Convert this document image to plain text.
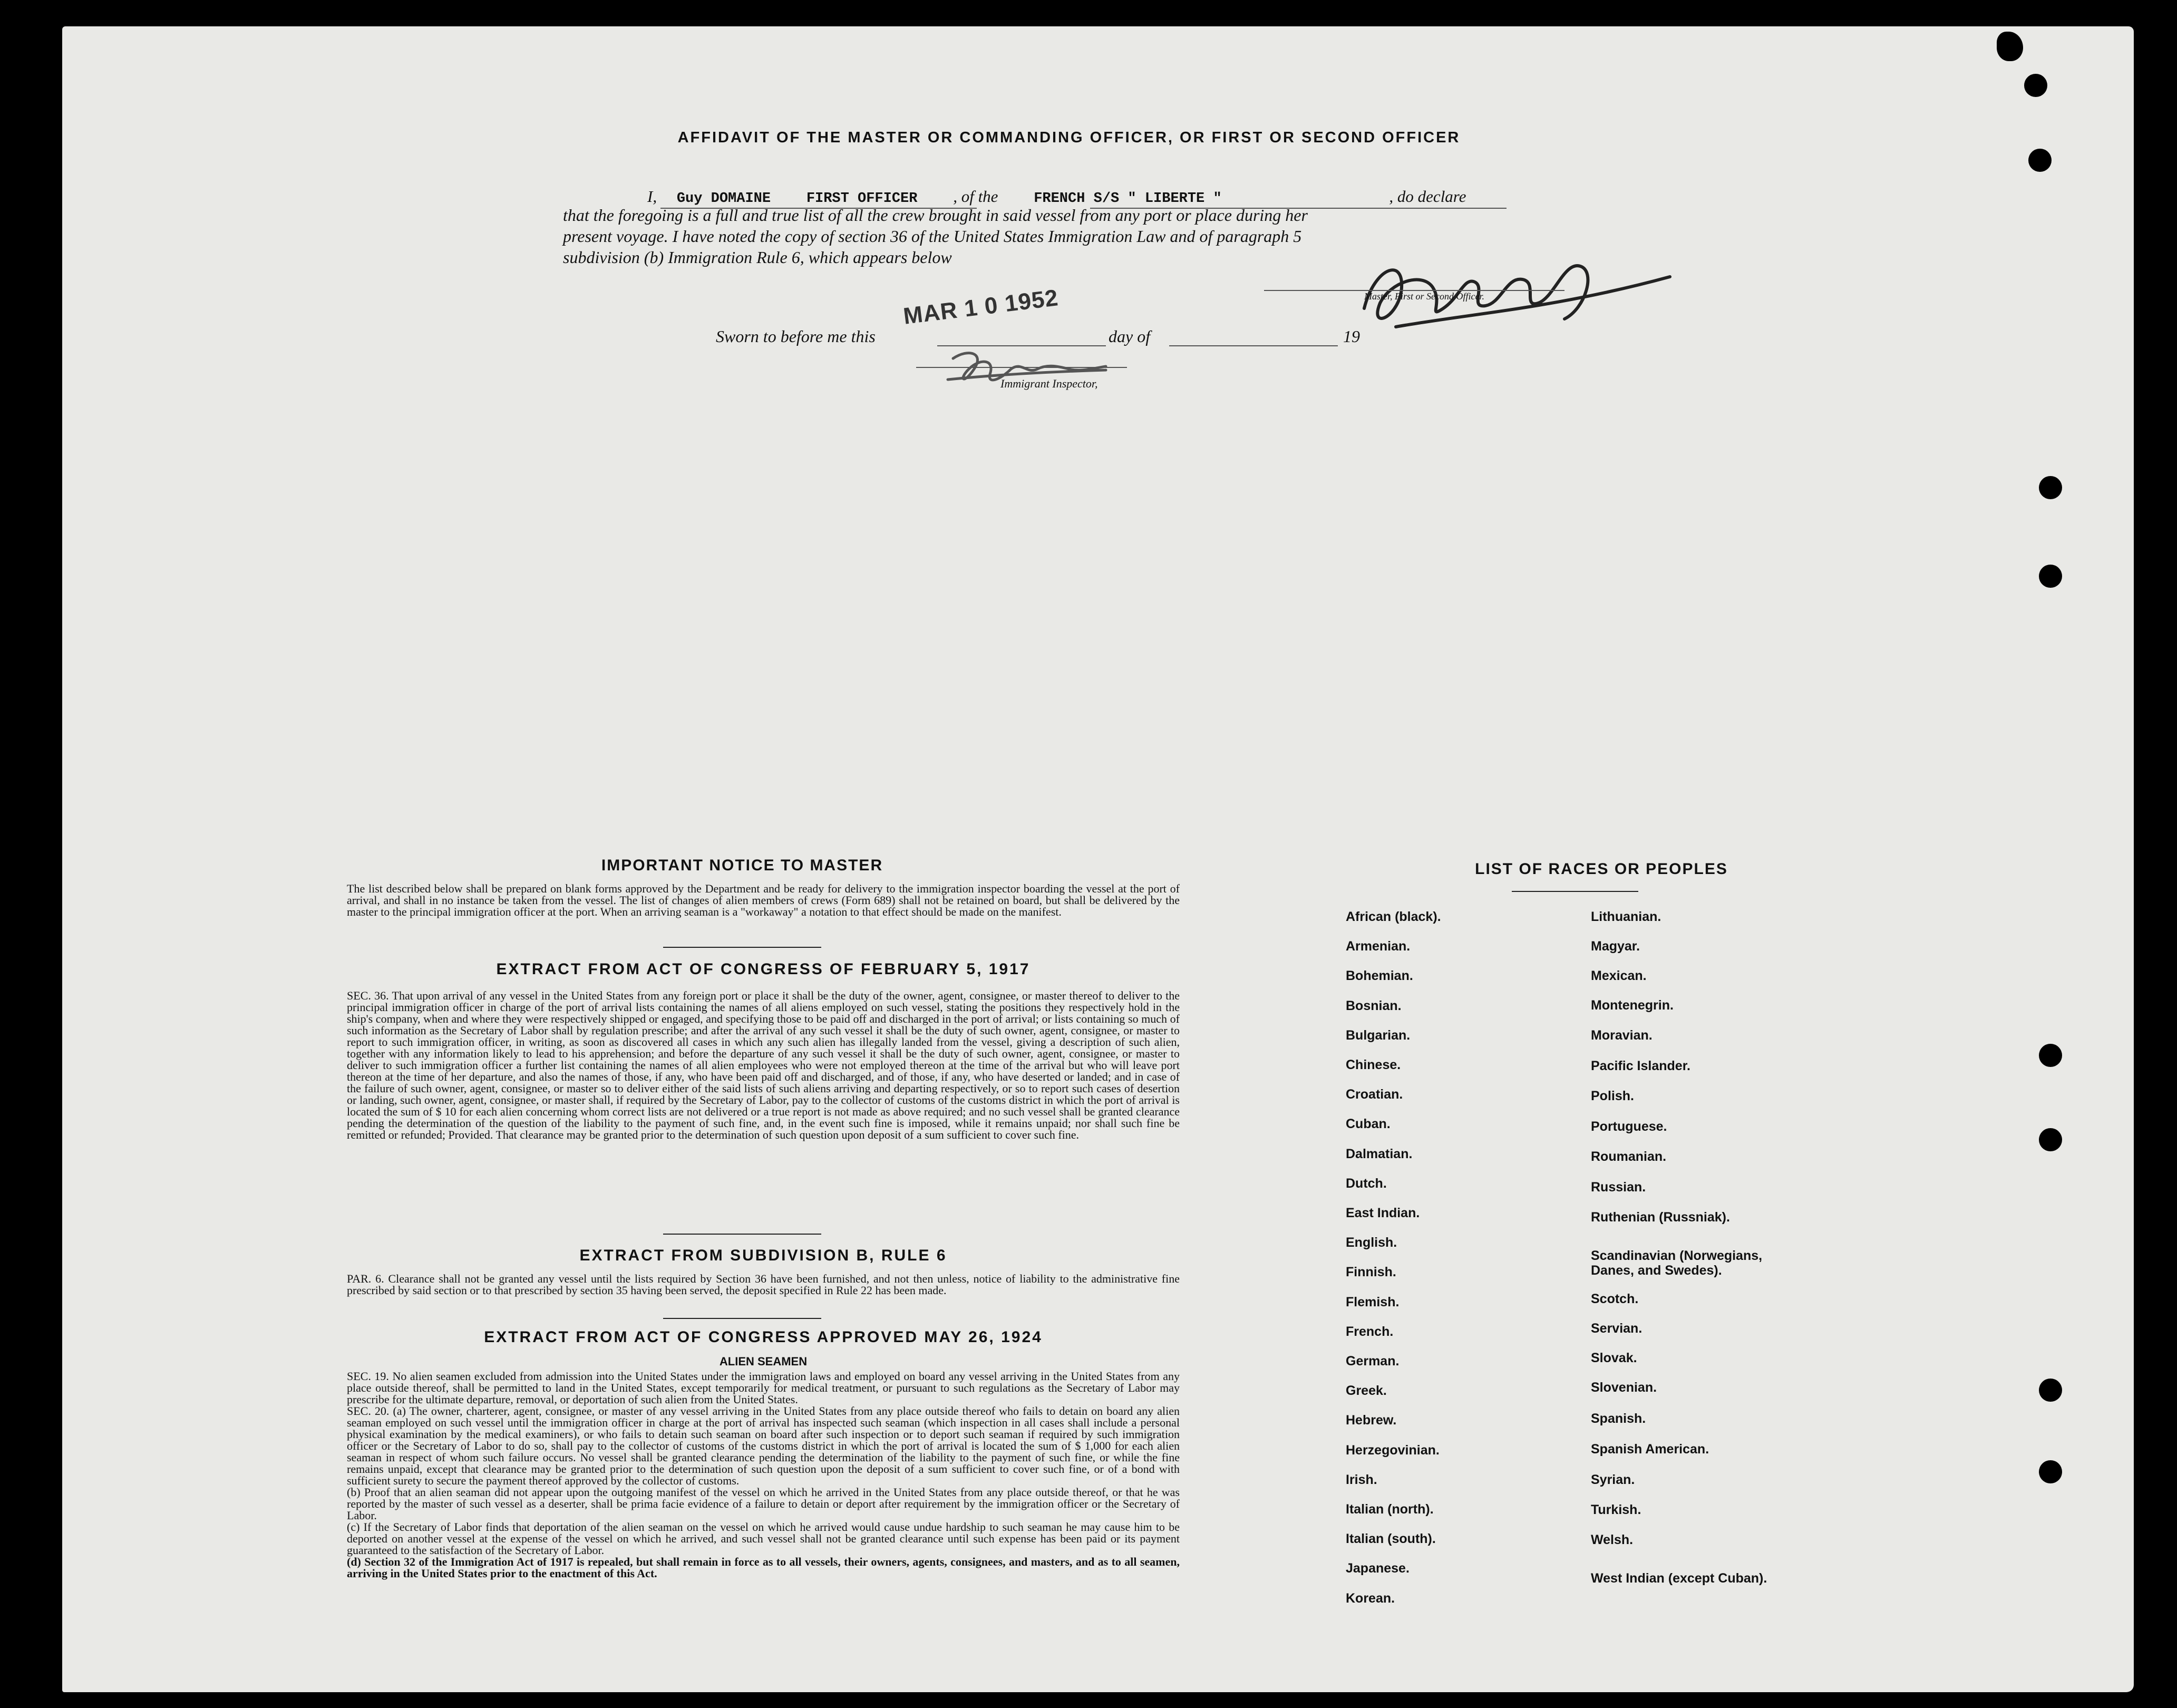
AFFIDAVIT OF THE MASTER OR COMMANDING OFFICER, OR FIRST OR SECOND OFFICER
I, Guy DOMAINE	FIRST OFFICER , of the	FRENCH S/S " LIBERTE "	, do declare
that the foregoing is a full and true list of all the crew brought in said vessel from any port or place during her
present voyage. I have noted the copy of section 36 of the United States Immigration Law and of paragraph 5
subdivision (b) Immigration Rule 6, which appears below
Master, First or Second Officer.
Sworn to before me this
MAR 1 0 1952
day of	19
Immigrant Inspector,
IMPORTANT NOTICE TO MASTER
The list described below shall be prepared on blank forms approved by the Department and be ready for delivery to the immigration inspector boarding the vessel at the port of arrival, and shall in no instance be taken from the vessel. The list of changes of alien members of crews (Form 689) shall not be retained on board, but shall be delivered by the master to the principal immigration officer at the port. When an arriving seaman is a "workaway" a notation to that effect should be made on the manifest.
EXTRACT FROM ACT OF CONGRESS OF FEBRUARY 5, 1917
SEC. 36. That upon arrival of any vessel in the United States from any foreign port or place it shall be the duty of the owner, agent, consignee, or master thereof to deliver to the principal immigration officer in charge of the port of arrival lists containing the names of all aliens employed on such vessel, stating the positions they respectively hold in the ship's company, when and where they were respectively shipped or engaged, and specifying those to be paid off and discharged in the port of arrival; or lists containing so much of such information as the Secretary of Labor shall by regulation prescribe; and after the arrival of any such vessel it shall be the duty of such owner, agent, consignee, or master to report to such immigration officer, in writing, as soon as discovered all cases in which any such alien has illegally landed from the vessel, giving a description of such alien, together with any information likely to lead to his apprehension; and before the departure of any such vessel it shall be the duty of such owner, agent, consignee, or master to deliver to such immigration officer a further list containing the names of all alien employees who were not employed thereon at the time of the arrival but who will leave port thereon at the time of her departure, and also the names of those, if any, who have been paid off and discharged, and of those, if any, who have deserted or landed; and in case of the failure of such owner, agent, consignee, or master so to deliver either of the said lists of such aliens arriving and departing respectively, or so to report such cases of desertion or landing, such owner, agent, consignee, or master shall, if required by the Secretary of Labor, pay to the collector of customs of the customs district in which the port of arrival is located the sum of $ 10 for each alien concerning whom correct lists are not delivered or a true report is not made as above required; and no such vessel shall be granted clearance pending the determination of the question of the liability to the payment of such fine, and, in the event such fine is imposed, while it remains unpaid; nor shall such fine be remitted or refunded; Provided. That clearance may be granted prior to the determination of such question upon deposit of a sum sufficient to cover such fine.
EXTRACT FROM SUBDIVISION B, RULE 6
PAR. 6. Clearance shall not be granted any vessel until the lists required by Section 36 have been furnished, and not then unless, notice of liability to the administrative fine prescribed by said section or to that prescribed by section 35 having been served, the deposit specified in Rule 22 has been made.
EXTRACT FROM ACT OF CONGRESS APPROVED MAY 26, 1924
ALIEN SEAMEN
SEC. 19. No alien seamen excluded from admission into the United States under the immigration laws and employed on board any vessel arriving in the United States from any place outside thereof, shall be permitted to land in the United States, except temporarily for medical treatment, or pursuant to such regulations as the Secretary of Labor may prescribe for the ultimate departure, removal, or deportation of such alien from the United States.
SEC. 20. (a) The owner, charterer, agent, consignee, or master of any vessel arriving in the United States from any place outside thereof who fails to detain on board any alien seaman employed on such vessel until the immigration officer in charge at the port of arrival has inspected such seaman (which inspection in all cases shall include a personal physical examination by the medical examiners), or who fails to detain such seaman on board after such inspection or to deport such seaman if required by such immigration officer or the Secretary of Labor to do so, shall pay to the collector of customs of the customs district in which the port of arrival is located the sum of $ 1,000 for each alien seaman in respect of whom such failure occurs. No vessel shall be granted clearance pending the determination of the liability to the payment of such fine, or while the fine remains unpaid, except that clearance may be granted prior to the determination of such question upon the deposit of a sum sufficient to cover such fine, or of a bond with sufficient surety to secure the payment thereof approved by the collector of customs.
(b) Proof that an alien seaman did not appear upon the outgoing manifest of the vessel on which he arrived in the United States from any place outside thereof, or that he was reported by the master of such vessel as a deserter, shall be prima facie evidence of a failure to detain or deport after requirement by the immigration officer or the Secretary of Labor.
(c) If the Secretary of Labor finds that deportation of the alien seaman on the vessel on which he arrived would cause undue hardship to such seaman he may cause him to be deported on another vessel at the expense of the vessel on which he arrived, and such vessel shall not be granted clearance until such expense has been paid or its payment guaranteed to the satisfaction of the Secretary of Labor.
(d) Section 32 of the Immigration Act of 1917 is repealed, but shall remain in force as to all vessels, their owners, agents, consignees, and masters, and as to all seamen, arriving in the United States prior to the enactment of this Act.
LIST OF RACES OR PEOPLES
African (black).
Armenian.
Bohemian.
Bosnian.
Bulgarian.
Chinese.
Croatian.
Cuban.
Dalmatian.
Dutch.
East Indian.
English.
Finnish.
Flemish.
French.
German.
Greek.
Hebrew.
Herzegovinian.
Irish.
Italian (north).
Italian (south).
Japanese.
Korean.
Lithuanian.
Magyar.
Mexican.
Montenegrin.
Moravian.
Pacific Islander.
Polish.
Portuguese.
Roumanian.
Russian.
Ruthenian (Russniak).
Scandinavian (Norwegians, Danes, and Swedes).
Scotch.
Servian.
Slovak.
Slovenian.
Spanish.
Spanish American.
Syrian.
Turkish.
Welsh.
West Indian (except Cuban).
